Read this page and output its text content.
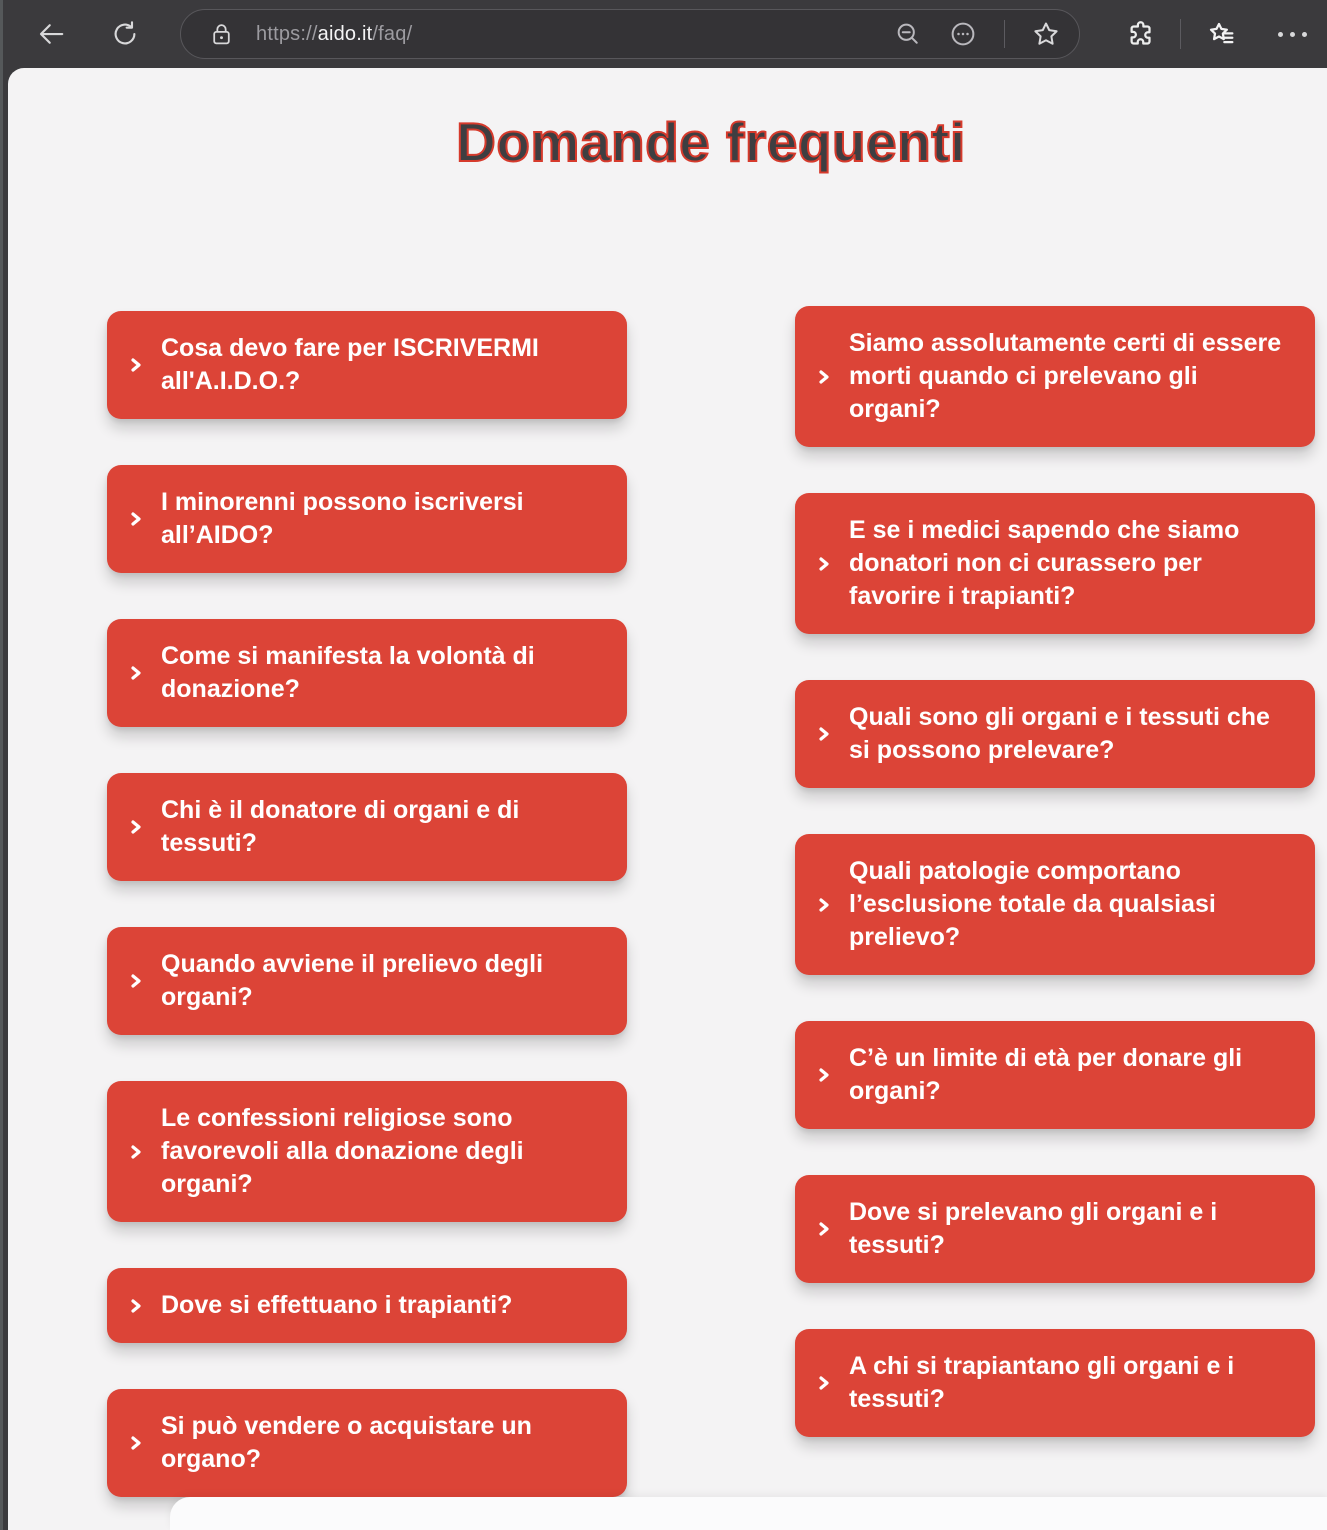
https://aido.it/faq/
Domande frequenti
Cosa devo fare per ISCRIVERMI all'A.I.D.O.?
I minorenni possono iscriversi all’AIDO?
Come si manifesta la volontà di donazione?
Chi è il donatore di organi e di tessuti?
Quando avviene il prelievo degli organi?
Le confessioni religiose sono favorevoli alla donazione degli organi?
Dove si effettuano i trapianti?
Si può vendere o acquistare un organo?
Siamo assolutamente certi di essere morti quando ci prelevano gli organi?
E se i medici sapendo che siamo donatori non ci curassero per favorire i trapianti?
Quali sono gli organi e i tessuti che si possono prelevare?
Quali patologie comportano l’esclusione totale da qualsiasi prelievo?
C’è un limite di età per donare gli organi?
Dove si prelevano gli organi e i tessuti?
A chi si trapiantano gli organi e i tessuti?
